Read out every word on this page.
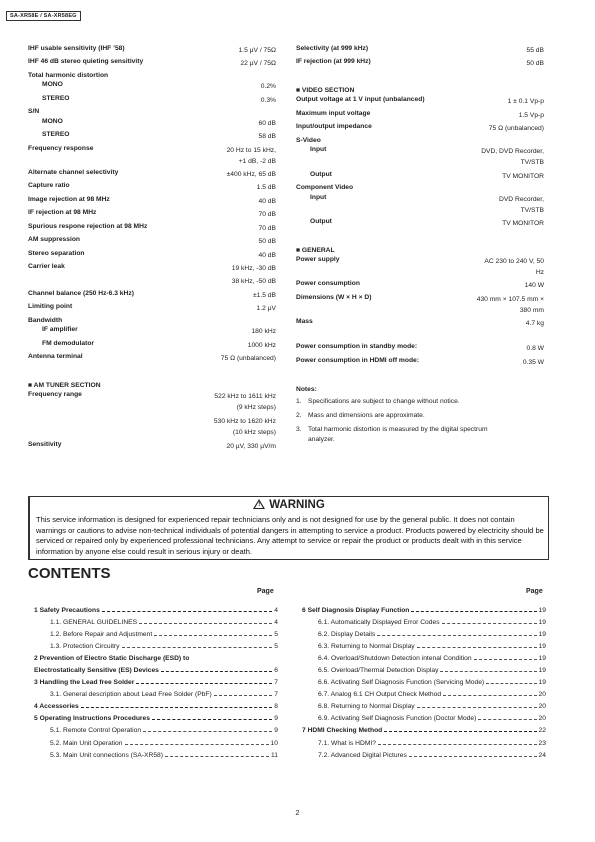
SA-XR58E / SA-XR58EG
IHF usable sensitivity (IHF ’58)	1.5 µV / 75Ω
IHF 46 dB stereo quieting sensitivity	22 µV / 75Ω
Total harmonic distortion
MONO	0.2%
STEREO	0.3%
S/N
MONO	60 dB
STEREO	58 dB
Frequency response	20 Hz to 15 kHz,
+1 dB, -2 dB
Alternate channel selectivity	±400 kHz, 65 dB
Capture ratio	1.5 dB
Image rejection at 98 MHz	40 dB
IF rejection at 98 MHz	70 dB
Spurious respone rejection at 98 MHz	70 dB
AM suppression	50 dB
Stereo separation	40 dB
Carrier leak	19 kHz, -30 dB
38 kHz, -50 dB
Channel balance (250 Hz-6.3 kHz)	±1.5 dB
Limiting point	1.2 µV
Bandwidth
IF amplifier	180 kHz
FM demodulator	1000 kHz
Antenna terminal	75 Ω (unbalanced)
■ AM TUNER SECTION
Frequency range	522 kHz to 1611 kHz
(9 kHz steps)
530 kHz to 1620 kHz
(10 kHz steps)
Sensitivity	20 µV, 330 µV/m
Selectivity (at 999 kHz)	55 dB
IF rejection (at 999 kHz)	50 dB
■ VIDEO SECTION
Output voltage at 1 V input (unbalanced)	1 ± 0.1 Vp-p
Maximum input voltage	1.5 Vp-p
Input/output impedance	75 Ω (unbalanced)
S-Video
Input	DVD, DVD Recorder,
TV/STB
Output	TV MONITOR
Component Video
Input	DVD Recorder,
TV/STB
Output	TV MONITOR
■ GENERAL
Power supply	AC 230 to 240 V, 50
Hz
Power consumption	140 W
Dimensions (W × H × D)	430 mm × 107.5 mm ×
380 mm
Mass	4.7 kg
Power consumption in standby mode:	0.8 W
Power consumption in HDMI off mode:	0.35 W
Notes:
1. Specifications are subject to change without notice.
2. Mass and dimensions are approximate.
3. Total harmonic distortion is measured by the digital spectrum analyzer.
! WARNING
This service information is designed for experienced repair technicians only and is not designed for use by the general public. It does not contain warnings or cautions to advise non-technical individuals of potential dangers in attempting to service a product. Products powered by electricity should be serviced or repaired only by experienced professional technicians. Any attempt to service or repair the product or products dealt with in this service information by anyone else could result in serious injury or death.
CONTENTS
Page	Page
1 Safety Precautions	4
1.1. GENERAL GUIDELINES	4
1.2. Before Repair and Adjustment	5
1.3. Protection Circuitry	5
2 Prevention of Electro Static Discharge (ESD) to
Electrostatically Sensitive (ES) Devices	6
3 Handling the Lead free Solder	7
3.1. General description about Lead Free Solder (PbF)	7
4 Accessories	8
5 Operating Instructions Procedures	9
5.1. Remote Control Operation	9
5.2. Main Unit Operation	10
5.3. Main Unit connections (SA-XR58)	11
6 Self Diagnosis Display Function	19
6.1. Automatically Displayed Error Codes	19
6.2. Display Details	19
6.3. Returning to Normal Display	19
6.4. Overload/Shutdown Detection intenal Condition	19
6.5. Overload/Thermal Detection Display	19
6.6. Activating Self Diagnosis Function (Servicing Mode)	19
6.7. Analog 6.1 CH Output Check Method	20
6.8. Returning to Normal Display	20
6.9. Activating Self Diagnosis Function (Doctor Mode)	20
7 HDMI Checking Method	22
7.1. What is HDMI?	23
7.2. Advanced Digital Pictures	24
2
